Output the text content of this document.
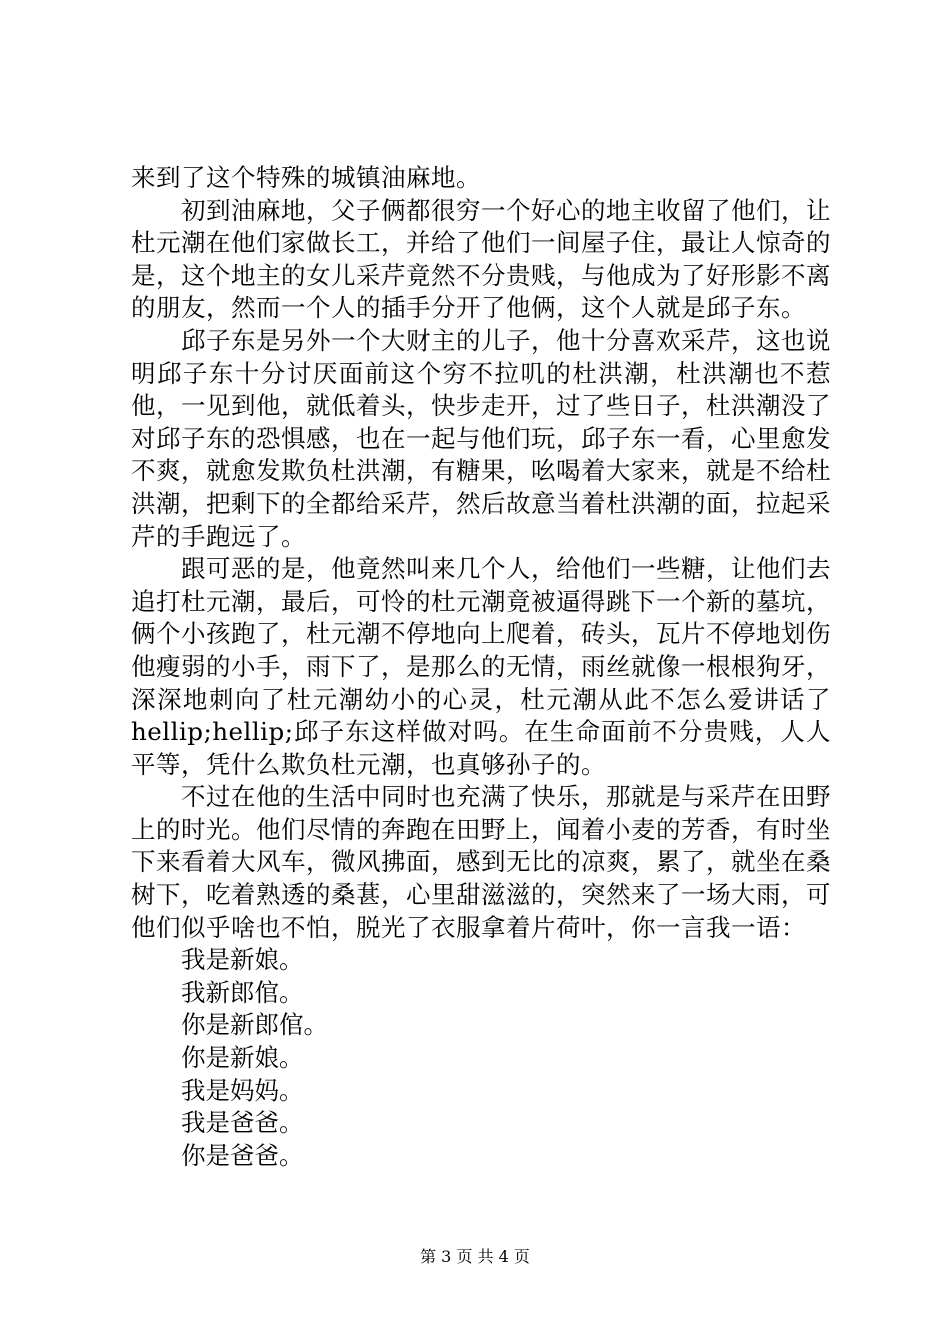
来到了这个特殊的城镇油麻地。

初到油麻地，父子俩都很穷一个好心的地主收留了他们，让杜元潮在他们家做长工，并给了他们一间屋子住，最让人惊奇的是，这个地主的女儿采芹竟然不分贵贱，与他成为了好形影不离的朋友，然而一个人的插手分开了他俩，这个人就是邱子东。

邱子东是另外一个大财主的儿子，他十分喜欢采芹，这也说明邱子东十分讨厌面前这个穷不拉叽的杜洪潮，杜洪潮也不惹他，一见到他，就低着头，快步走开，过了些日子，杜洪潮没了对邱子东的恐惧感，也在一起与他们玩，邱子东一看，心里愈发不爽，就愈发欺负杜洪潮，有糖果，吆喝着大家来，就是不给杜洪潮，把剩下的全都给采芹，然后故意当着杜洪潮的面，拉起采芹的手跑远了。

跟可恶的是，他竟然叫来几个人，给他们一些糖，让他们去追打杜元潮，最后，可怜的杜元潮竟被逼得跳下一个新的墓坑，俩个小孩跑了，杜元潮不停地向上爬着，砖头，瓦片不停地划伤他瘦弱的小手，雨下了，是那么的无情，雨丝就像一根根狗牙，深深地刺向了杜元潮幼小的心灵，杜元潮从此不怎么爱讲话了hellip;hellip;邱子东这样做对吗。在生命面前不分贵贱，人人平等，凭什么欺负杜元潮，也真够孙子的。

不过在他的生活中同时也充满了快乐，那就是与采芹在田野上的时光。他们尽情的奔跑在田野上，闻着小麦的芳香，有时坐下来看着大风车，微风拂面，感到无比的凉爽，累了，就坐在桑树下，吃着熟透的桑葚，心里甜滋滋的，突然来了一场大雨，可他们似乎啥也不怕，脱光了衣服拿着片荷叶，你一言我一语：

我是新娘。

我新郎倌。

你是新郎倌。

你是新娘。

我是妈妈。

我是爸爸。

你是爸爸。

第 3 页 共 4 页
